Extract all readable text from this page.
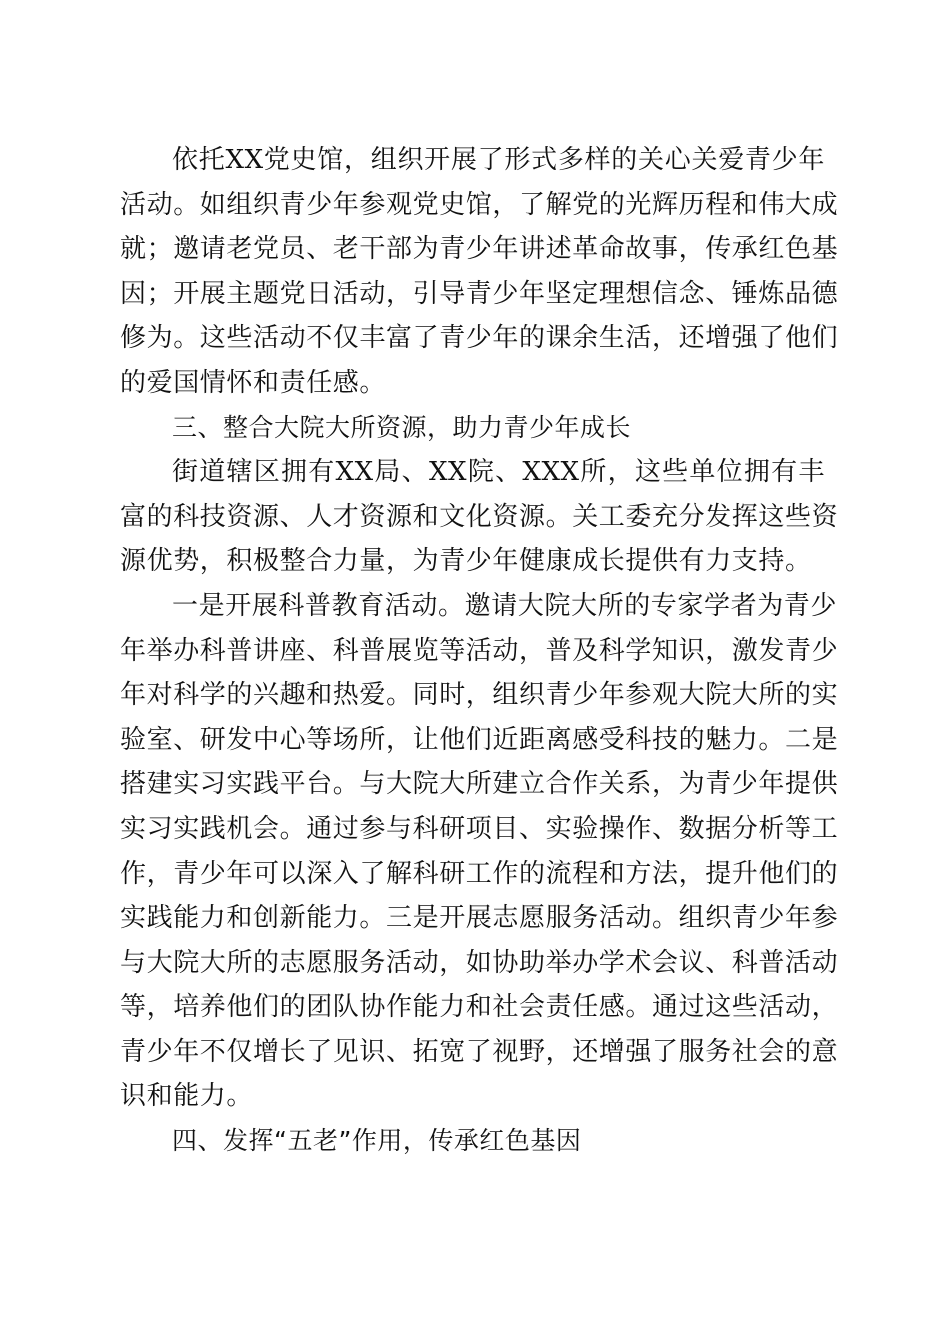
依托XX党史馆，组织开展了形式多样的关心关爱青少年
活动。如组织青少年参观党史馆，了解党的光辉历程和伟大成
就；邀请老党员、老干部为青少年讲述革命故事，传承红色基
因；开展主题党日活动，引导青少年坚定理想信念、锤炼品德
修为。这些活动不仅丰富了青少年的课余生活，还增强了他们
的爱国情怀和责任感。
三、整合大院大所资源，助力青少年成长
街道辖区拥有XX局、XX院、XXX所，这些单位拥有丰
富的科技资源、人才资源和文化资源。关工委充分发挥这些资
源优势，积极整合力量，为青少年健康成长提供有力支持。
一是开展科普教育活动。邀请大院大所的专家学者为青少
年举办科普讲座、科普展览等活动，普及科学知识，激发青少
年对科学的兴趣和热爱。同时，组织青少年参观大院大所的实
验室、研发中心等场所，让他们近距离感受科技的魅力。二是
搭建实习实践平台。与大院大所建立合作关系，为青少年提供
实习实践机会。通过参与科研项目、实验操作、数据分析等工
作，青少年可以深入了解科研工作的流程和方法，提升他们的
实践能力和创新能力。三是开展志愿服务活动。组织青少年参
与大院大所的志愿服务活动，如协助举办学术会议、科普活动
等，培养他们的团队协作能力和社会责任感。通过这些活动，
青少年不仅增长了见识、拓宽了视野，还增强了服务社会的意
识和能力。
四、发挥“五老”作用，传承红色基因
